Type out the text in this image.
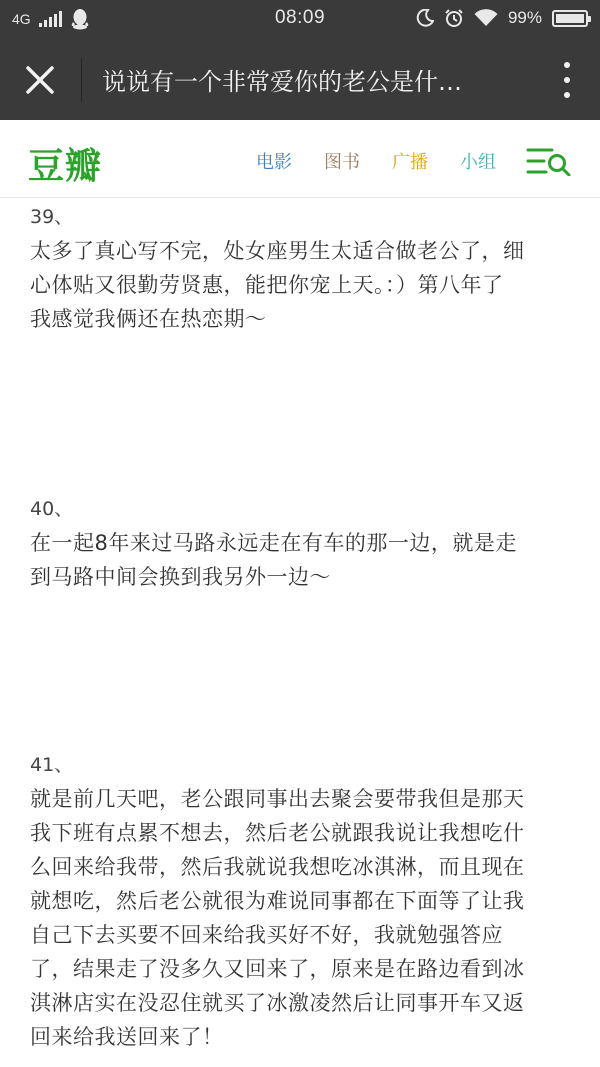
4G	08:09	99%
说说有一个非常爱你的老公是什…
豆瓣	电影 图书 广播 小组
39、
太多了真心写不完，处女座男生太适合做老公了，细
心体贴又很勤劳贤惠，能把你宠上天。：）第八年了
我感觉我俩还在热恋期～
40、
在一起8年来过马路永远走在有车的那一边，就是走
到马路中间会换到我另外一边～
41、
就是前几天吧，老公跟同事出去聚会要带我但是那天
我下班有点累不想去，然后老公就跟我说让我想吃什
么回来给我带，然后我就说我想吃冰淇淋，而且现在
就想吃，然后老公就很为难说同事都在下面等了让我
自己下去买要不回来给我买好不好，我就勉强答应
了，结果走了没多久又回来了，原来是在路边看到冰
淇淋店实在没忍住就买了冰激凌然后让同事开车又返
回来给我送回来了！
